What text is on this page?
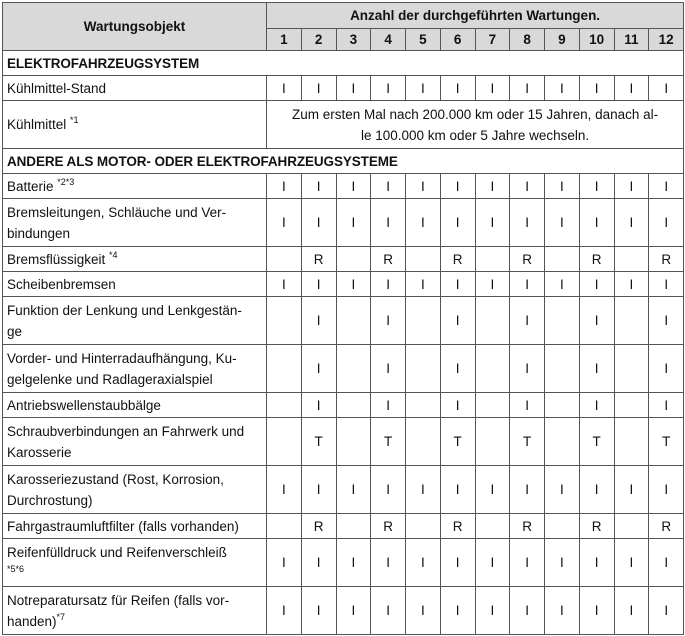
Wartungsobjekt	Anzahl der durchgeführten Wartungen.											
	1	2	3	4	5	6	7	8	9	10	11	12
ELEKTROFAHRZEUGSYSTEM												
Kühlmittel-Stand	I	I	I	I	I	I	I	I	I	I	I	I
Kühlmittel $^{*1}$	Zum ersten Mal nach 200.000 km oder 15 Jahren, danach al-
le 100.000 km oder 5 Jahre wechseln.											
ANDERE ALS MOTOR- ODER ELEKTROFAHRZEUGSYSTEME												
Batterie $^{*2*3}$	I	I	I	I	I	I	I	I	I	I	I	I
Bremsleitungen, Schläuche und Ver-
bindungen	I	I	I	I	I	I	I	I	I	I	I	I
Bremsflüssigkeit $^{*4}$		R		R		R		R		R		R
Scheibenbremsen	I	I	I	I	I	I	I	I	I	I	I	I
Funktion der Lenkung und Lenkgestän-
ge		I		I		I		I		I		I
Vorder- und Hinterradaufhängung, Ku-
gelgelenke und Radlageraxialspiel		I		I		I		I		I		I
Antriebswellenstaubbälge		I		I		I		I		I		I
Schraubverbindungen an Fahrwerk und
Karosserie		T		T		T		T		T		T
Karosseriezustand (Rost, Korrosion,
Durchrostung)	I	I	I	I	I	I	I	I	I	I	I	I
Fahrgastraumluftfilter (falls vorhanden)		R		R		R		R		R		R
Reifenfülldruck und Reifenverschleiß
$^{*5*6}$	I	I	I	I	I	I	I	I	I	I	I	I
Notreparatursatz für Reifen (falls vor-
handen)$^{*7}$	I	I	I	I	I	I	I	I	I	I	I	I
